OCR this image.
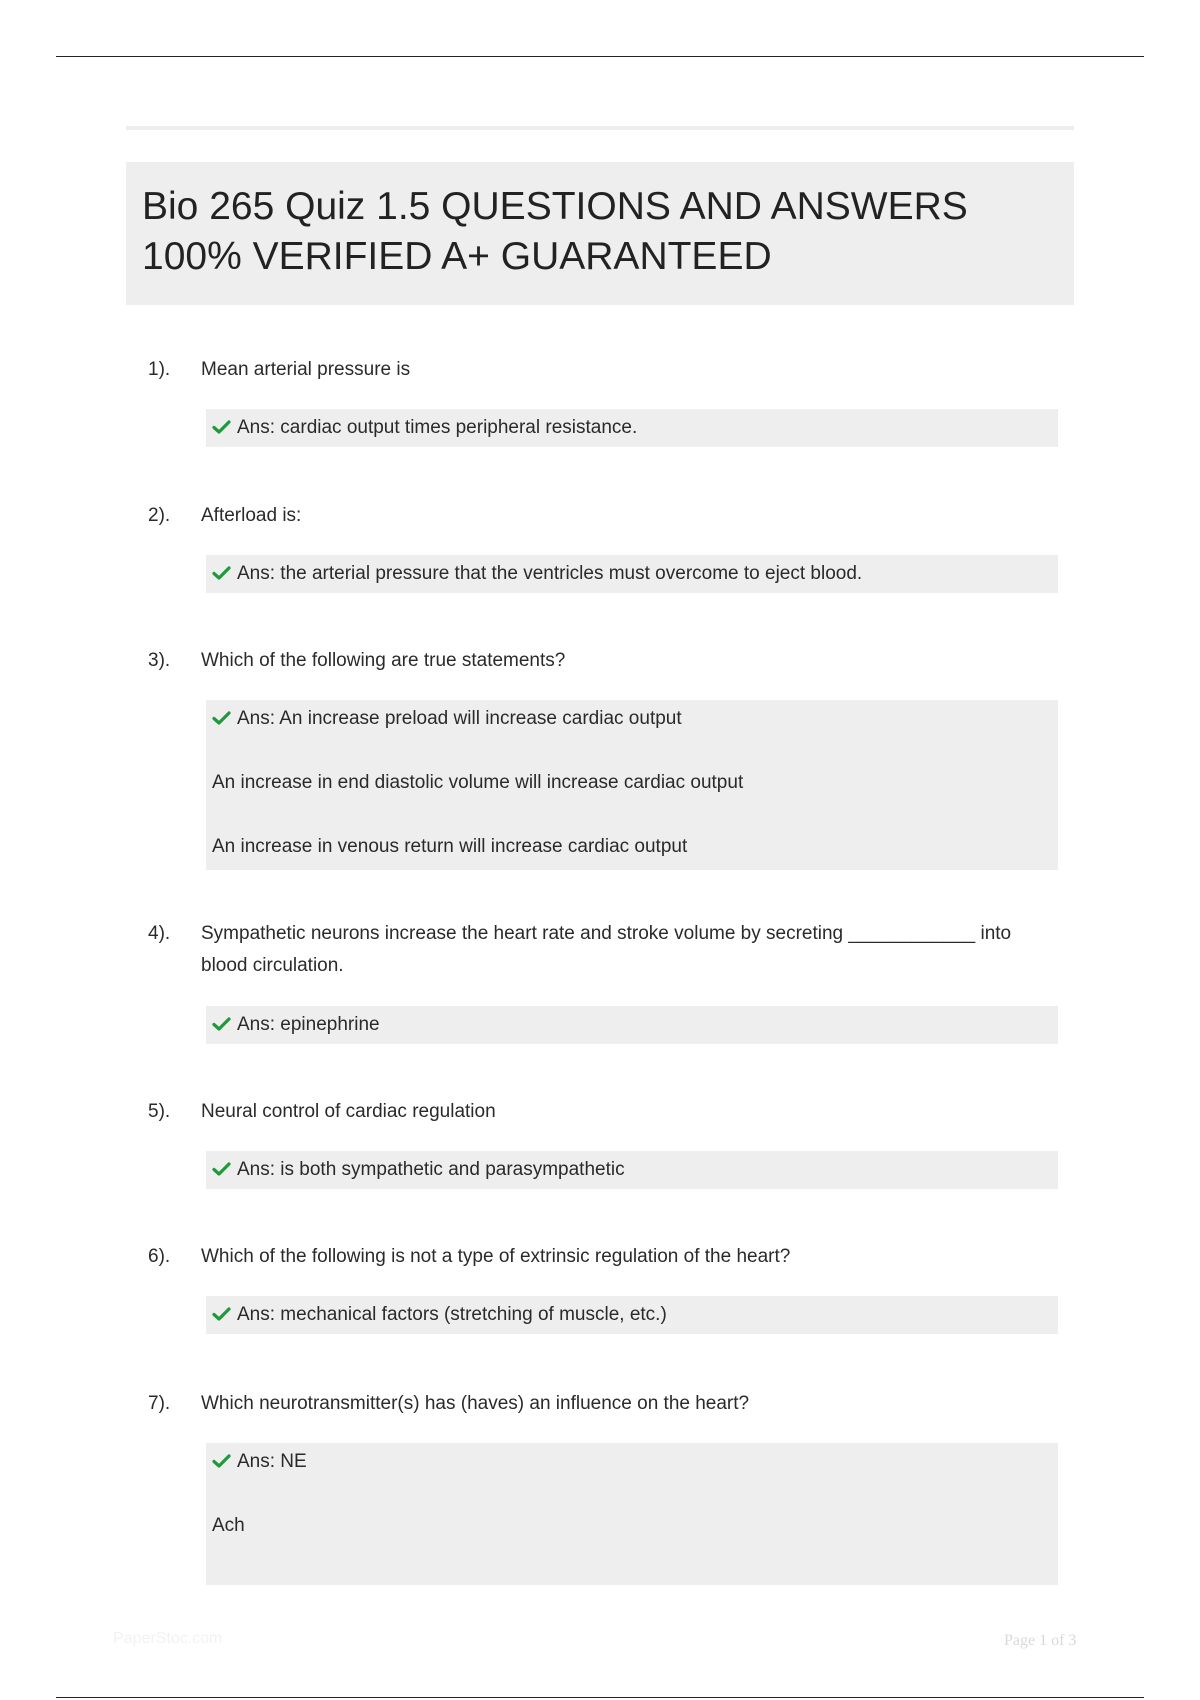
Bio 265 Quiz 1.5 QUESTIONS AND ANSWERS 100% VERIFIED A+ GUARANTEED
1). Mean arterial pressure is
Ans: cardiac output times peripheral resistance.
2). Afterload is:
Ans: the arterial pressure that the ventricles must overcome to eject blood.
3). Which of the following are true statements?
Ans: An increase preload will increase cardiac output
An increase in end diastolic volume will increase cardiac output
An increase in venous return will increase cardiac output
4). Sympathetic neurons increase the heart rate and stroke volume by secreting ____________ into blood circulation.
Ans: epinephrine
5). Neural control of cardiac regulation
Ans: is both sympathetic and parasympathetic
6). Which of the following is not a type of extrinsic regulation of the heart?
Ans: mechanical factors (stretching of muscle, etc.)
7). Which neurotransmitter(s) has (haves) an influence on the heart?
Ans: NE
Ach
PaperStoc.com	Page 1 of 3
